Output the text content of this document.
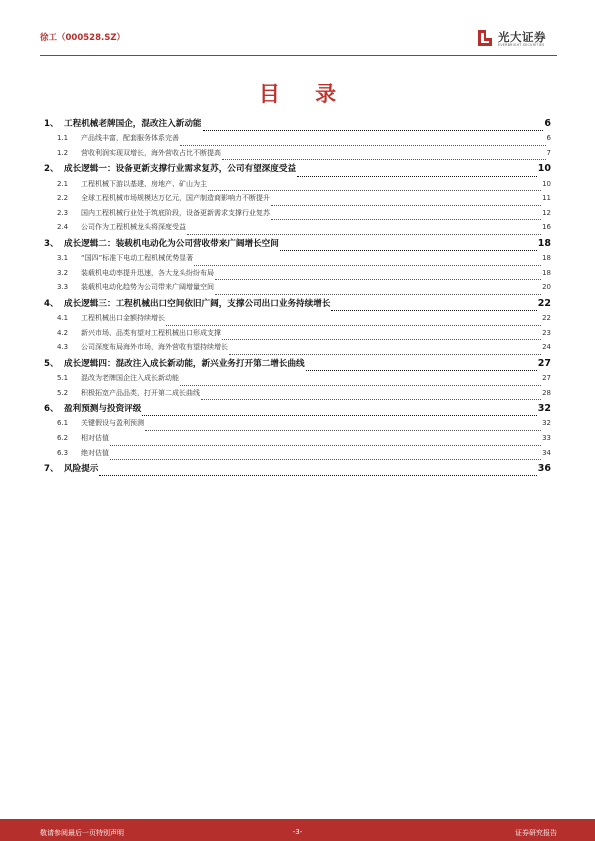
徐工（000528.SZ）	光大证券
EVERBRIGHT SECURITIES
目 录
1、 工程机械老牌国企，混改注入新动能	6
1.1	产品线丰富，配套服务体系完善	6
1.2	营收利润实现双增长，海外营收占比不断提高	7
2、 成长逻辑一：设备更新支撑行业需求复苏，公司有望深度受益	10
2.1	工程机械下游以基建、房地产、矿山为主	10
2.2	全球工程机械市场规模达万亿元，国产制造商影响力不断提升	11
2.3	国内工程机械行业处于筑底阶段，设备更新需求支撑行业复苏	12
2.4	公司作为工程机械龙头将深度受益	16
3、 成长逻辑二：装载机电动化为公司营收带来广阔增长空间	18
3.1	“国四”标准下电动工程机械优势显著	18
3.2	装载机电动率提升迅速，各大龙头纷纷布局	18
3.3	装载机电动化趋势为公司带来广阔增量空间	20
4、 成长逻辑三：工程机械出口空间依旧广阔，支撑公司出口业务持续增长	22
4.1	工程机械出口金额持续增长	22
4.2	新兴市场、品类有望对工程机械出口形成支撑	23
4.3	公司深度布局海外市场，海外营收有望持续增长	24
5、 成长逻辑四：混改注入成长新动能，新兴业务打开第二增长曲线	27
5.1	混改为老牌国企注入成长新动能	27
5.2	积极拓宽产品品类，打开第二成长曲线	28
6、 盈利预测与投资评级	32
6.1	关键假设与盈利预测	32
6.2	相对估值	33
6.3	绝对估值	34
7、 风险提示	36
敬请参阅最后一页特别声明	-3-	证券研究报告
